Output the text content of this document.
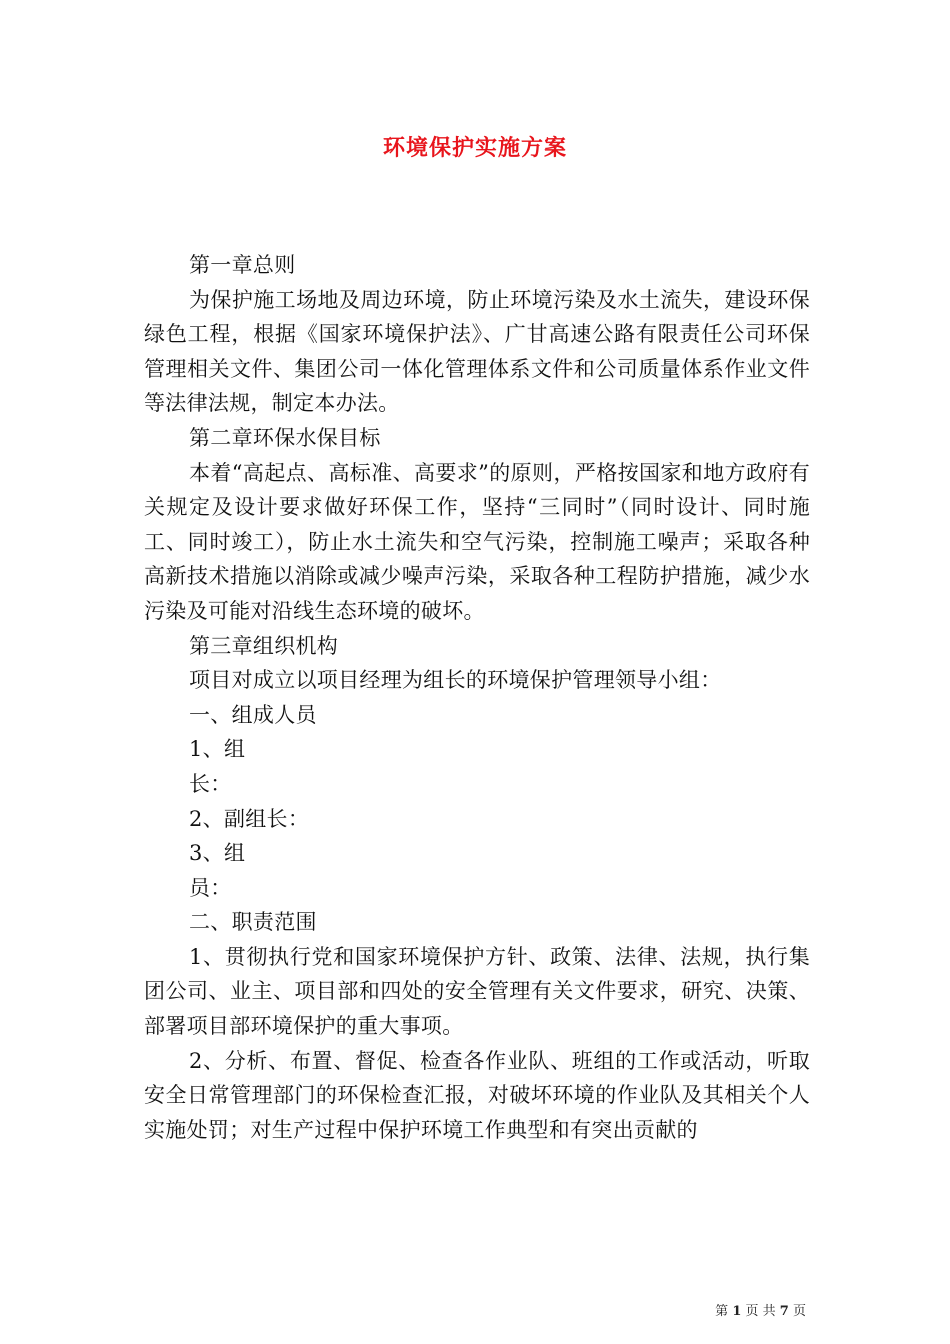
环境保护实施方案

第一章总则

为保护施工场地及周边环境，防止环境污染及水土流失，建设环保绿色工程，根据《国家环境保护法》、广甘高速公路有限责任公司环保管理相关文件、集团公司一体化管理体系文件和公司质量体系作业文件等法律法规，制定本办法。

第二章环保水保目标

本着“高起点、高标准、高要求”的原则，严格按国家和地方政府有关规定及设计要求做好环保工作，坚持“三同时”（同时设计、同时施工、同时竣工），防止水土流失和空气污染，控制施工噪声；采取各种高新技术措施以消除或减少噪声污染，采取各种工程防护措施，减少水污染及可能对沿线生态环境的破坏。

第三章组织机构

项目对成立以项目经理为组长的环境保护管理领导小组：

一、组成人员

1、组

长：

2、副组长：

3、组

员：

二、职责范围

1、贯彻执行党和国家环境保护方针、政策、法律、法规，执行集团公司、业主、项目部和四处的安全管理有关文件要求，研究、决策、部署项目部环境保护的重大事项。

2、分析、布置、督促、检查各作业队、班组的工作或活动，听取安全日常管理部门的环保检查汇报，对破坏环境的作业队及其相关个人实施处罚；对生产过程中保护环境工作典型和有突出贡献的

第 1 页 共 7 页
